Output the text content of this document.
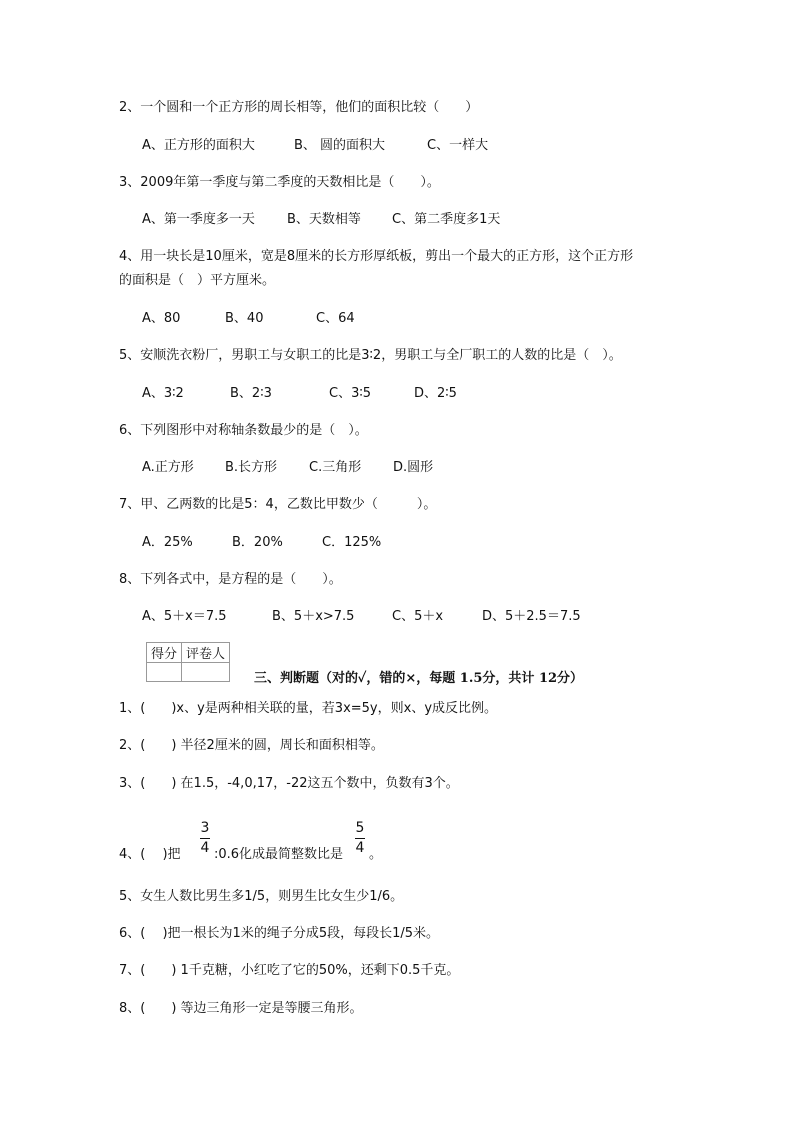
2、一个圆和一个正方形的周长相等，他们的面积比较（　　）
A、正方形的面积大	B、 圆的面积大	C、一样大
3、2009年第一季度与第二季度的天数相比是（　　）。
A、第一季度多一天 B、天数相等 C、第二季度多1天
4、用一块长是10厘米，宽是8厘米的长方形厚纸板，剪出一个最大的正方形，这个正方形
的面积是（　）平方厘米。
A、80	B、40	C、64
5、安顺洗衣粉厂，男职工与女职工的比是3∶2，男职工与全厂职工的人数的比是（　）。
A、3∶2	B、2∶3	C、3∶5	D、2∶5
6、下列图形中对称轴条数最少的是（　）。
A.正方形 B.长方形 C.三角形 D.圆形
7、甲、乙两数的比是5：4，乙数比甲数少（　　　）。
A．25%	B．20%	C．125%
8、下列各式中，是方程的是（　　）。
A、5＋x＝7.5	B、5＋x>7.5	C、5＋x	D、5＋2.5＝7.5
得分	评卷人

三、判断题（对的✓，错的×，每题 1.5分，共计 12分）
1、(　　)x、y是两种相关联的量，若3x=5y，则x、y成反比例。
2、(　　) 半径2厘米的圆，周长和面积相等。
3、(　　) 在1.5，-4,0,17，-22这五个数中，负数有3个。
4、(　 )把
3
4 :0.6化成最简整数比是
5
4 。
5、女生人数比男生多1/5，则男生比女生少1/6。
6、(　 )把一根长为1米的绳子分成5段，每段长1/5米。
7、(　　) 1千克糖，小红吃了它的50%，还剩下0.5千克。
8、(　　) 等边三角形一定是等腰三角形。
